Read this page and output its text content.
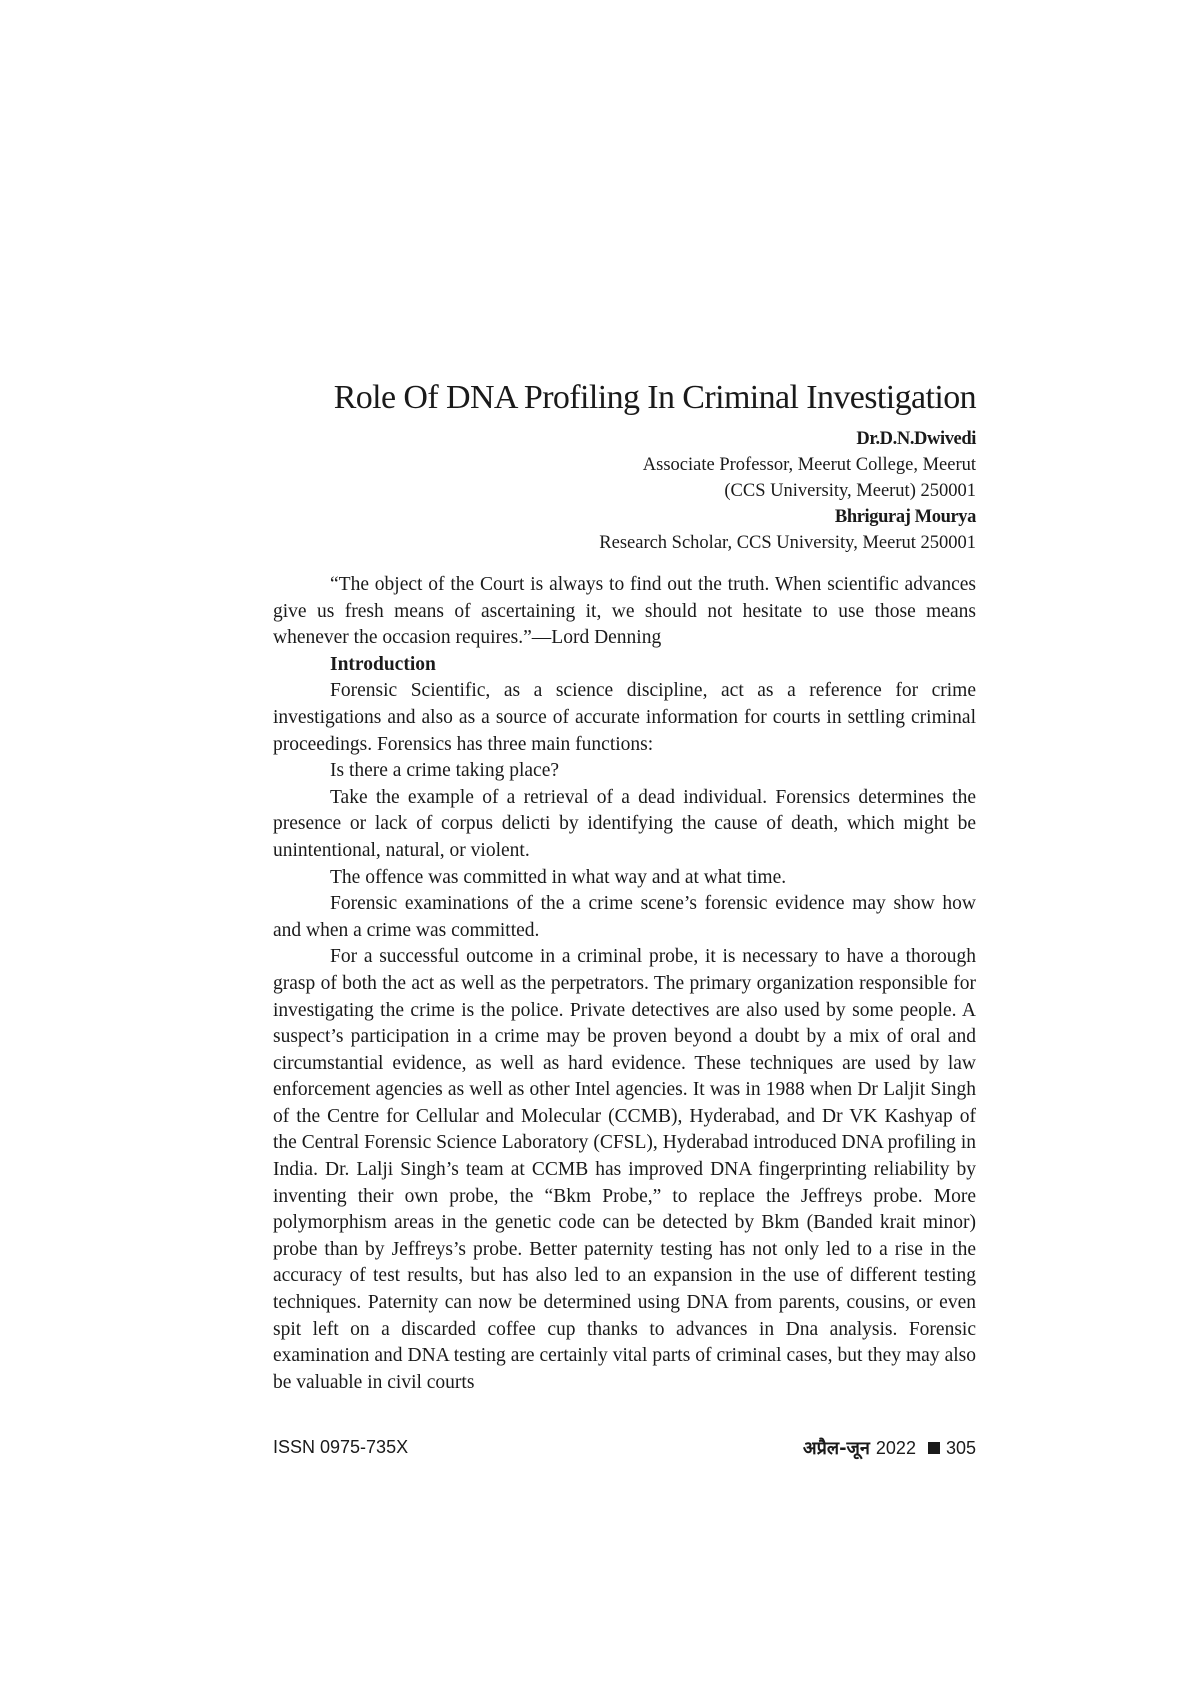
Role Of DNA Profiling In Criminal Investigation
Dr.D.N.Dwivedi
Associate Professor, Meerut College, Meerut
(CCS University, Meerut) 250001
Bhriguraj Mourya
Research Scholar, CCS University, Meerut 250001

“The object of the Court is always to find out the truth. When scientific advances give us fresh means of ascertaining it, we should not hesitate to use those means whenever the occasion requires.”—Lord Denning

Introduction

Forensic Scientific, as a science discipline, act as a reference for crime investigations and also as a source of accurate information for courts in settling criminal proceedings. Forensics has three main functions:

Is there a crime taking place?

Take the example of a retrieval of a dead individual. Forensics determines the presence or lack of corpus delicti by identifying the cause of death, which might be unintentional, natural, or violent.

The offence was committed in what way and at what time.

Forensic examinations of the a crime scene’s forensic evidence may show how and when a crime was committed.

For a successful outcome in a criminal probe, it is necessary to have a thorough grasp of both the act as well as the perpetrators. The primary organization responsible for investigating the crime is the police. Private detectives are also used by some people. A suspect’s participation in a crime may be proven beyond a doubt by a mix of oral and circumstantial evidence, as well as hard evidence. These techniques are used by law enforcement agencies as well as other Intel agencies. It was in 1988 when Dr Laljit Singh of the Centre for Cellular and Molecular (CCMB), Hyderabad, and Dr VK Kashyap of the Central Forensic Science Laboratory (CFSL), Hyderabad introduced DNA profiling in India. Dr. Lalji Singh’s team at CCMB has improved DNA fingerprinting reliability by inventing their own probe, the “Bkm Probe,” to replace the Jeffreys probe. More polymorphism areas in the genetic code can be detected by Bkm (Banded krait minor) probe than by Jeffreys’s probe. Better paternity testing has not only led to a rise in the accuracy of test results, but has also led to an expansion in the use of different testing techniques. Paternity can now be determined using DNA from parents, cousins, or even spit left on a discarded coffee cup thanks to advances in Dna analysis. Forensic examination and DNA testing are certainly vital parts of criminal cases, but they may also be valuable in civil courts

ISSN 0975-735X	अप्रैल-जून 2022 305
